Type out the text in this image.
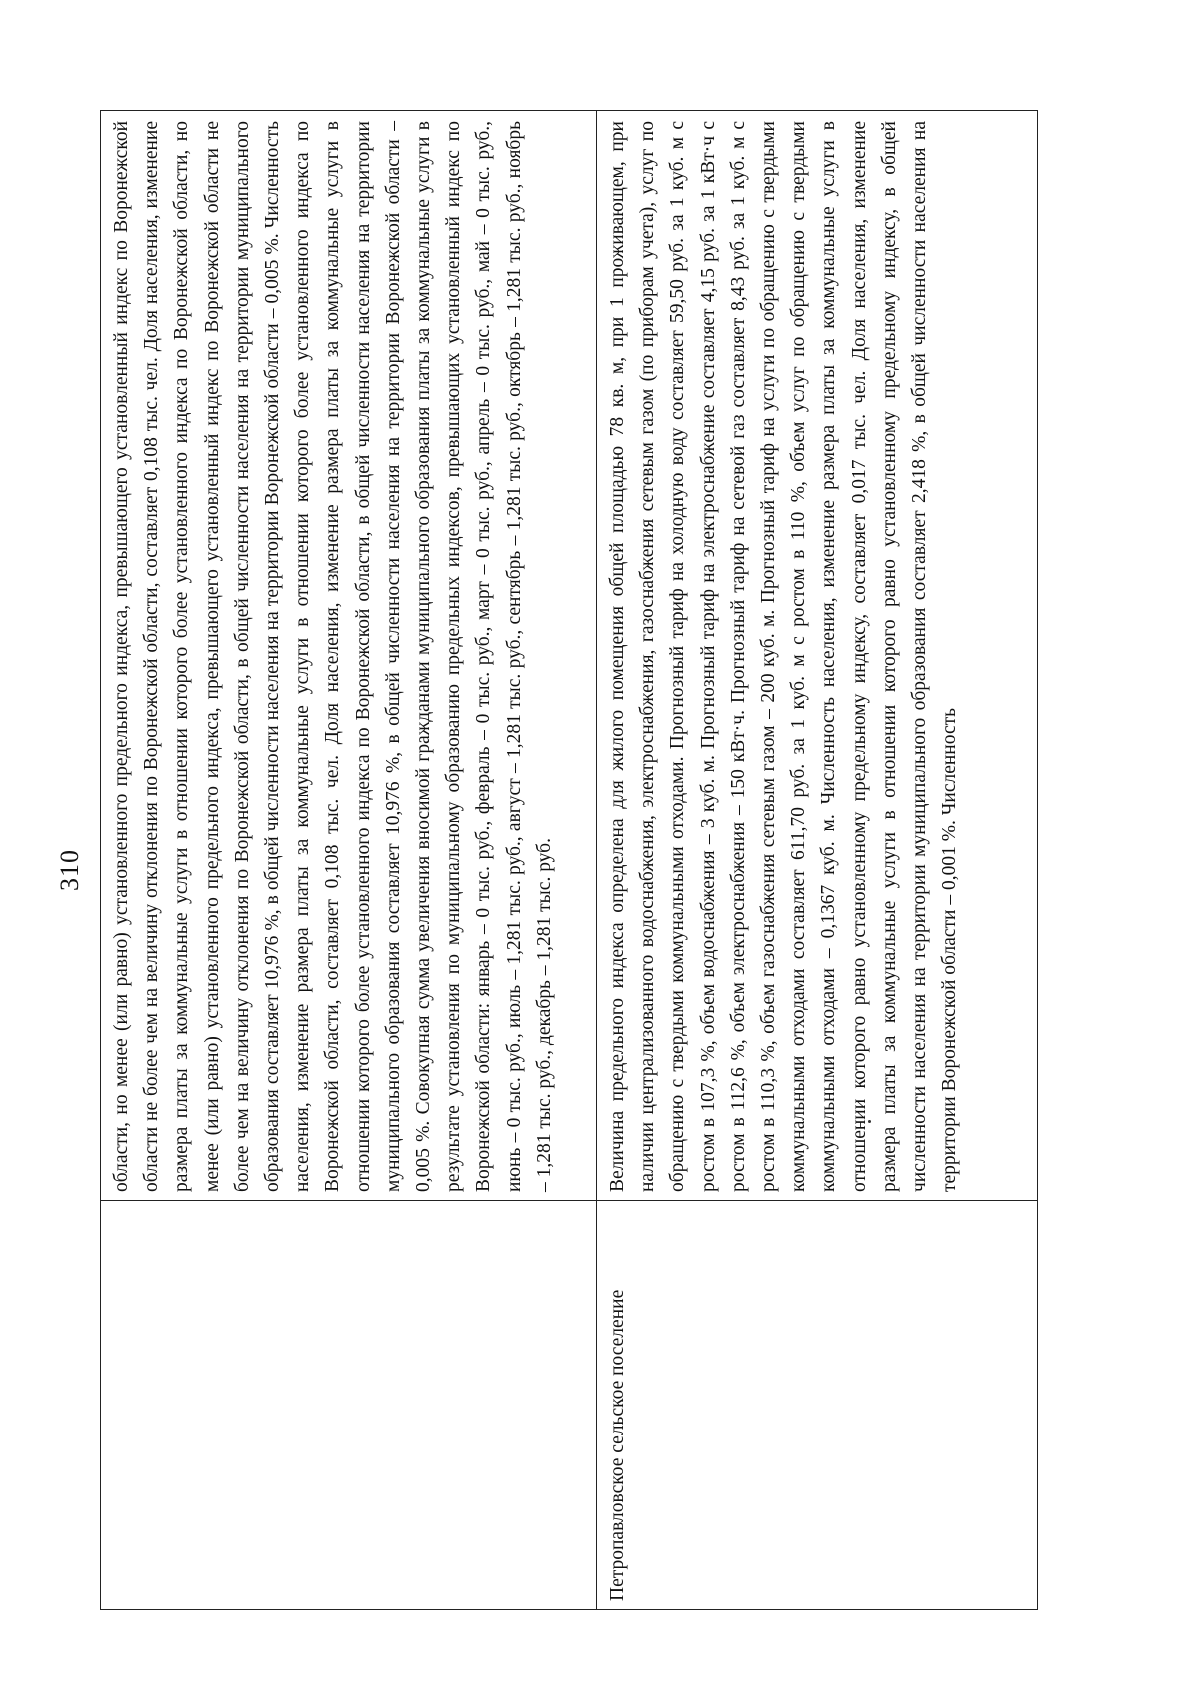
310
	области, но менее (или равно) установленного предельного индекса, превышающего установленный индекс по Воронежской области не более чем на величину отклонения по Воронежской области, составляет 0,108 тыс. чел. Доля населения, изменение размера платы за коммунальные услуги в отношении которого более установленного индекса по Воронежской области, но менее (или равно) установленного предельного индекса, превышающего установленный индекс по Воронежской области не более чем на величину отклонения по Воронежской области, в общей численности населения на территории муниципального образования составляет 10,976 %, в общей численности населения на территории Воронежской области – 0,005 %. Численность населения, изменение размера платы за коммунальные услуги в отношении которого более установленного индекса по Воронежской области, составляет 0,108 тыс. чел. Доля населения, изменение размера платы за коммунальные услуги в отношении которого более установленного индекса по Воронежской области, в общей численности населения на территории муниципального образования составляет 10,976 %, в общей численности населения на территории Воронежской области – 0,005 %. Совокупная сумма увеличения вносимой гражданами муниципального образования платы за коммунальные услуги в результате установления по муниципальному образованию предельных индексов, превышающих установленный индекс по Воронежской области: январь – 0 тыс. руб., февраль – 0 тыс. руб., март – 0 тыс. руб., апрель – 0 тыс. руб., май – 0 тыс. руб., июнь – 0 тыс. руб., июль – 1,281 тыс. руб., август – 1,281 тыс. руб., сентябрь – 1,281 тыс. руб., октябрь – 1,281 тыс. руб., ноябрь – 1,281 тыс. руб., декабрь – 1,281 тыс. руб.
Петропавловское сельское поселение	Величина предельного индекса определена для жилого помещения общей площадью 78 кв. м, при 1 проживающем, при наличии централизованного водоснабжения, электроснабжения, газоснабжения сетевым газом (по приборам учета), услуг по обращению с твердыми коммунальными отходами. Прогнозный тариф на холодную воду составляет 59,50 руб. за 1 куб. м с ростом в 107,3 %, объем водоснабжения – 3 куб. м. Прогнозный тариф на электроснабжение составляет 4,15 руб. за 1 кВт·ч с ростом в 112,6 %, объем электроснабжения – 150 кВт·ч. Прогнозный тариф на сетевой газ составляет 8,43 руб. за 1 куб. м с ростом в 110,3 %, объем газоснабжения сетевым газом – 200 куб. м. Прогнозный тариф на услуги по обращению с твердыми коммунальными отходами составляет 611,70 руб. за 1 куб. м с ростом в 110 %, объем услуг по обращению с твердыми коммунальными отходами – 0,1367 куб. м. Численность населения, изменение размера платы за коммунальные услуги в отношении которого равно установленному предельному индексу, составляет 0,017 тыс. чел. Доля населения, изменение размера платы за коммунальные услуги в отношении которого равно установленному предельному индексу, в общей численности населения на территории муниципального образования составляет 2,418 %, в общей численности населения на территории Воронежской области – 0,001 %. Численность
